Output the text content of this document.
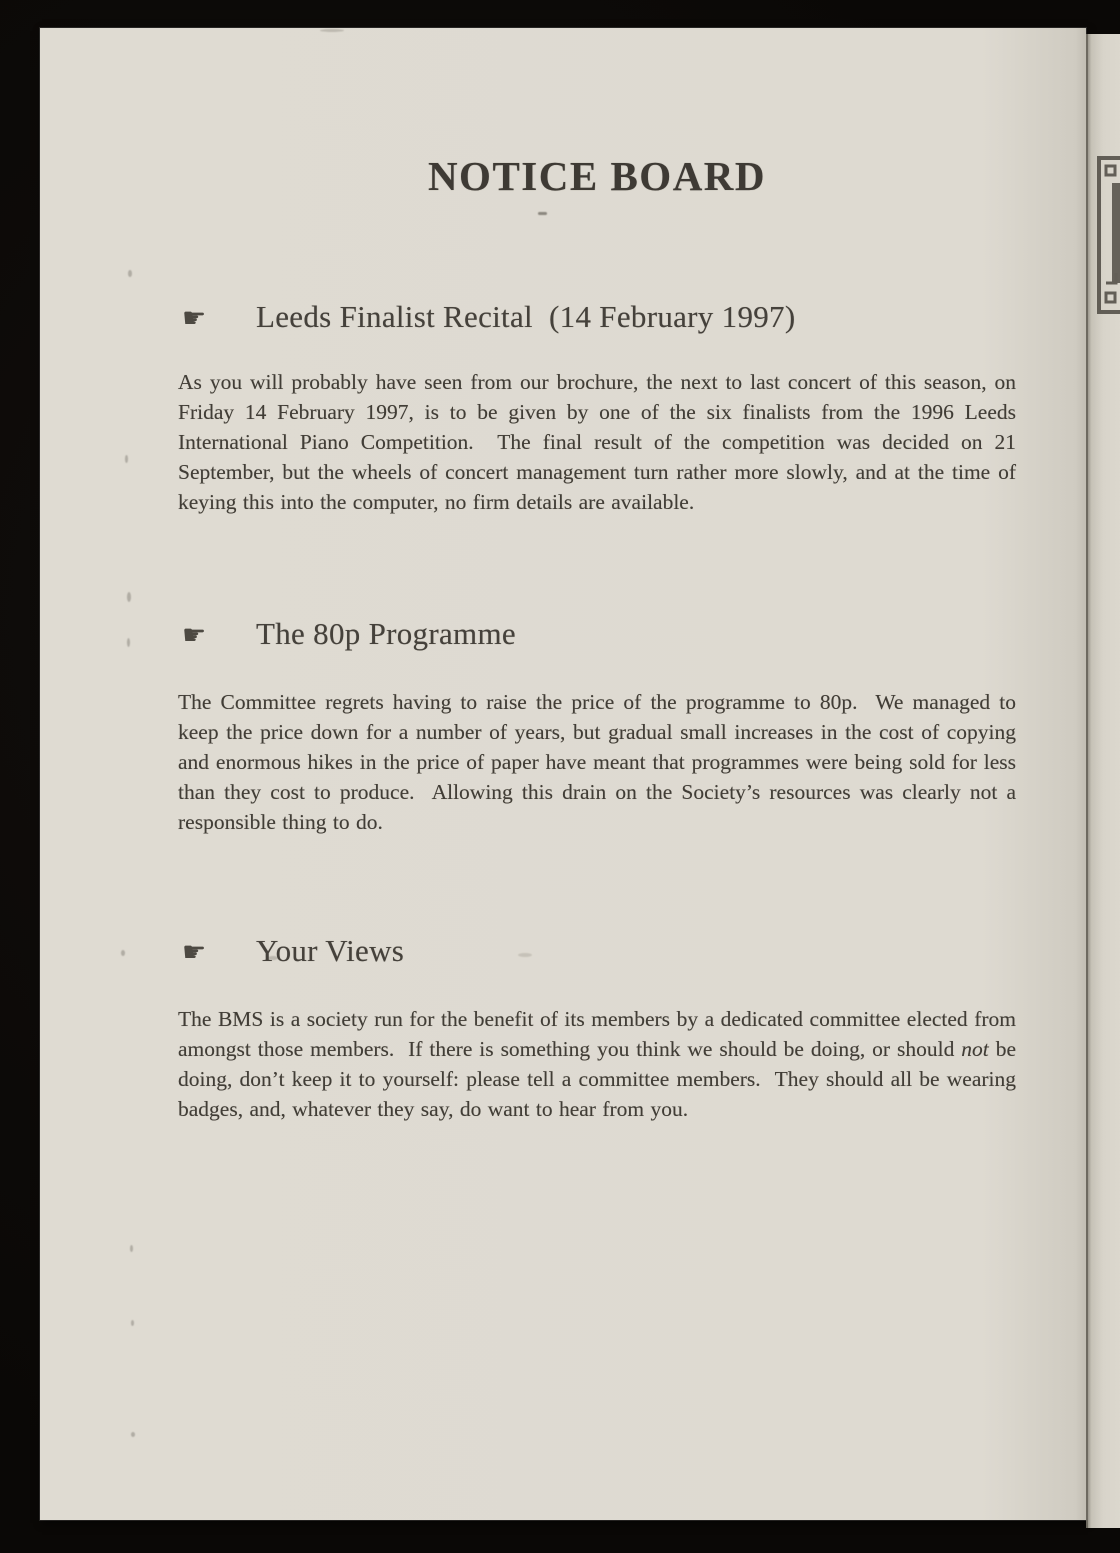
NOTICE BOARD
☛	Leeds Finalist Recital  (14 February 1997)

As you will probably have seen from our brochure, the next to last concert of this season, on Friday 14 February 1997, is to be given by one of the six finalists from the 1996 Leeds International Piano Competition.  The final result of the competition was decided on 21 September, but the wheels of concert management turn rather more slowly, and at the time of keying this into the computer, no firm details are available.

☛	The 80p Programme

The Committee regrets having to raise the price of the programme to 80p.  We managed to keep the price down for a number of years, but gradual small increases in the cost of copying and enormous hikes in the price of paper have meant that programmes were being sold for less than they cost to produce.  Allowing this drain on the Society’s resources was clearly not a responsible thing to do.

☛	Your Views

The BMS is a society run for the benefit of its members by a dedicated committee elected from amongst those members.  If there is something you think we should be doing, or should not be doing, don’t keep it to yourself: please tell a committee members.  They should all be wearing badges, and, whatever they say, do want to hear from you.
